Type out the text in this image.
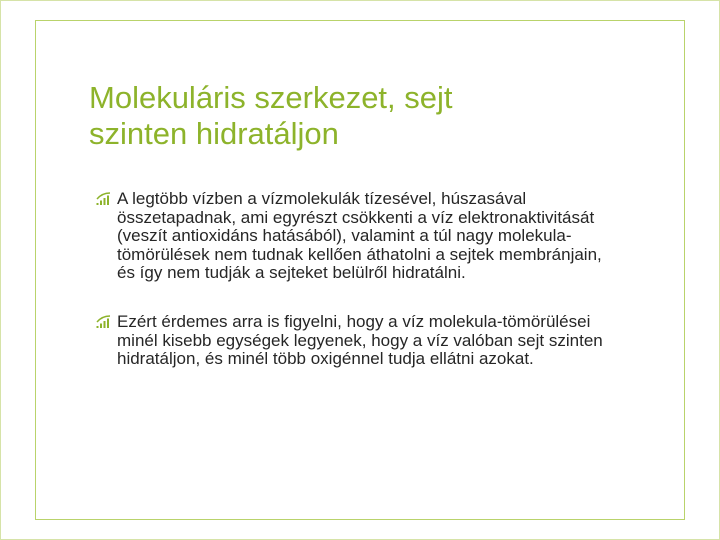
Molekuláris szerkezet, sejt
szinten hidratáljon
A legtöbb vízben a vízmolekulák tízesével, húszasával összetapadnak, ami egyrészt csökkenti a víz elektronaktivitását (veszít antioxidáns hatásából), valamint a túl nagy molekula-tömörülések nem tudnak kellően áthatolni a sejtek membránjain, és így nem tudják a sejteket belülről hidratálni.
Ezért érdemes arra is figyelni, hogy a víz molekula-tömörülései minél kisebb egységek legyenek, hogy a víz valóban sejt szinten hidratáljon, és minél több oxigénnel tudja ellátni azokat.
